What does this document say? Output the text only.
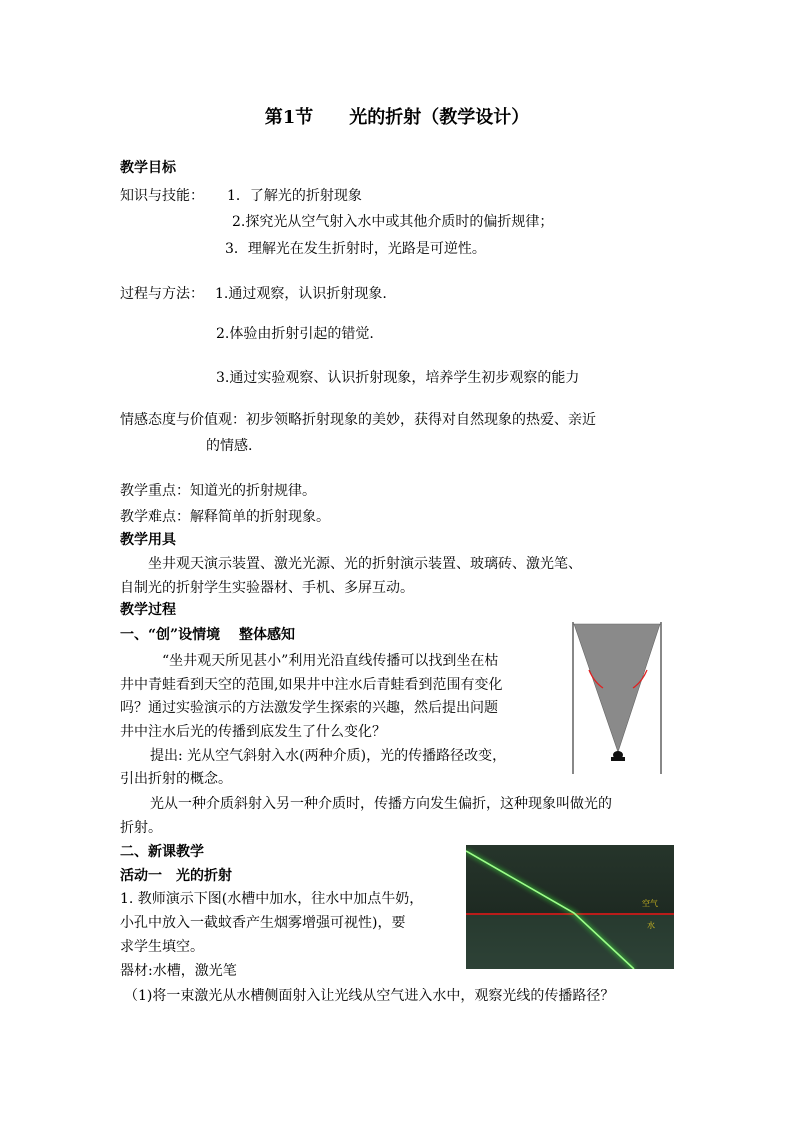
第1节 光的折射（教学设计）
教学目标
知识与技能： 1．了解光的折射现象
2.探究光从空气射入水中或其他介质时的偏折规律；
3．理解光在发生折射时，光路是可逆性。
过程与方法： 1.通过观察，认识折射现象.
2.体验由折射引起的错觉.
3.通过实验观察、认识折射现象，培养学生初步观察的能力
情感态度与价值观：初步领略折射现象的美妙，获得对自然现象的热爱、亲近
的情感.
教学重点：知道光的折射规律。
教学难点：解释简单的折射现象。
教学用具
坐井观天演示装置、激光光源、光的折射演示装置、玻璃砖、激光笔、
自制光的折射学生实验器材、手机、多屏互动。
教学过程
一、“创”设情境　 整体感知
“坐井观天所见甚小”利用光沿直线传播可以找到坐在枯
井中青蛙看到天空的范围,如果井中注水后青蛙看到范围有变化
吗？通过实验演示的方法激发学生探索的兴趣，然后提出问题
井中注水后光的传播到底发生了什么变化？
提出: 光从空气斜射入水(两种介质)，光的传播路径改变，
引出折射的概念。
光从一种介质斜射入另一种介质时，传播方向发生偏折，这种现象叫做光的
折射。
二、新课教学
活动一　光的折射
1. 教师演示下图(水槽中加水，往水中加点牛奶，
小孔中放入一截蚊香产生烟雾增强可视性)，要
求学生填空。
器材:水槽，激光笔
（1)将一束激光从水槽侧面射入让光线从空气进入水中，观察光线的传播路径？
空气
水
